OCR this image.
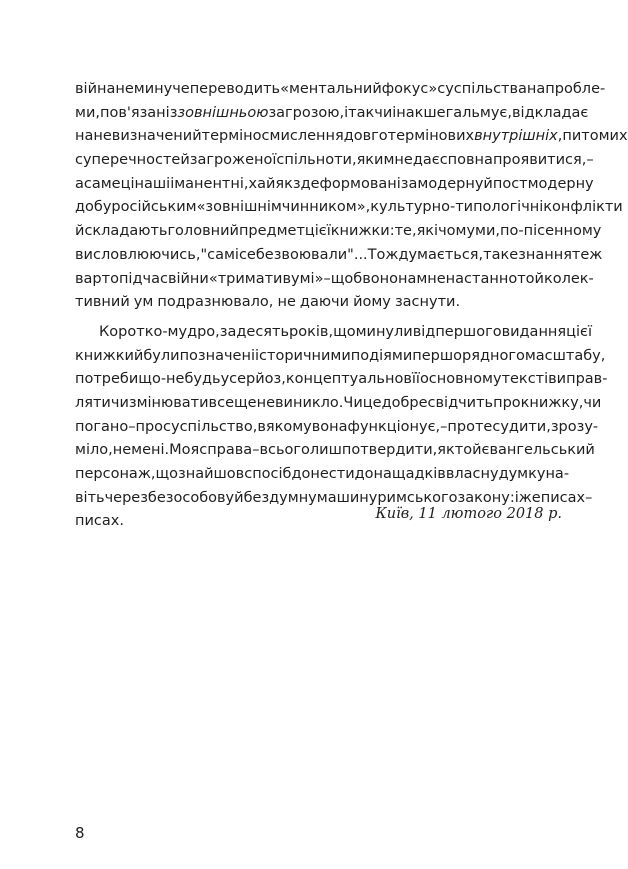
війна неминуче переводить «ментальний фокус» суспільства на пробле-
ми, пов'язані з зовнішньою загрозою, і так чи інакше гальмує, відкладає
на невизначений термін осмислення довготермінових внутрішніх, питомих
суперечностей загроженої спільноти, яким не дає сповна проявитися, –
а саме ці наші іманентні, хай як здеформовані за модерну й постмодерну
добу російським «зовнішнім чинником», культурно-типологічні конфлікти
й складають головний предмет цієї книжки: те, як і чому ми, по-пісенному
висловлюючись, "самі себе звоювали"... Тож думається, таке знання теж
варто під час війни «тримати в умі» – щоб воно нам ненастанно той колек-
тивний ум подразнювало, не даючи йому заснути.
Коротко-мудро, за десять років, що минули від першого видання цієї
книжки й були позначені історичними подіями першорядного масштабу,
потреби що-небудь усерйоз, концептуально в її основному тексті виправ-
ляти чи змінювати все ще не виникло. Чи це добре свідчить про книжку, чи
погано – про суспільство, в якому вона функціонує, – про те судити, зрозу-
міло, не мені. Моя справа – всього лиш потвердити, як той євангельський
персонаж, що знайшов спосіб донести до нащадків власну думку на-
віть через безособову й бездумну машину римського закону: іже писах –
писах.	Київ, 11 лютого 2018 р.
8
